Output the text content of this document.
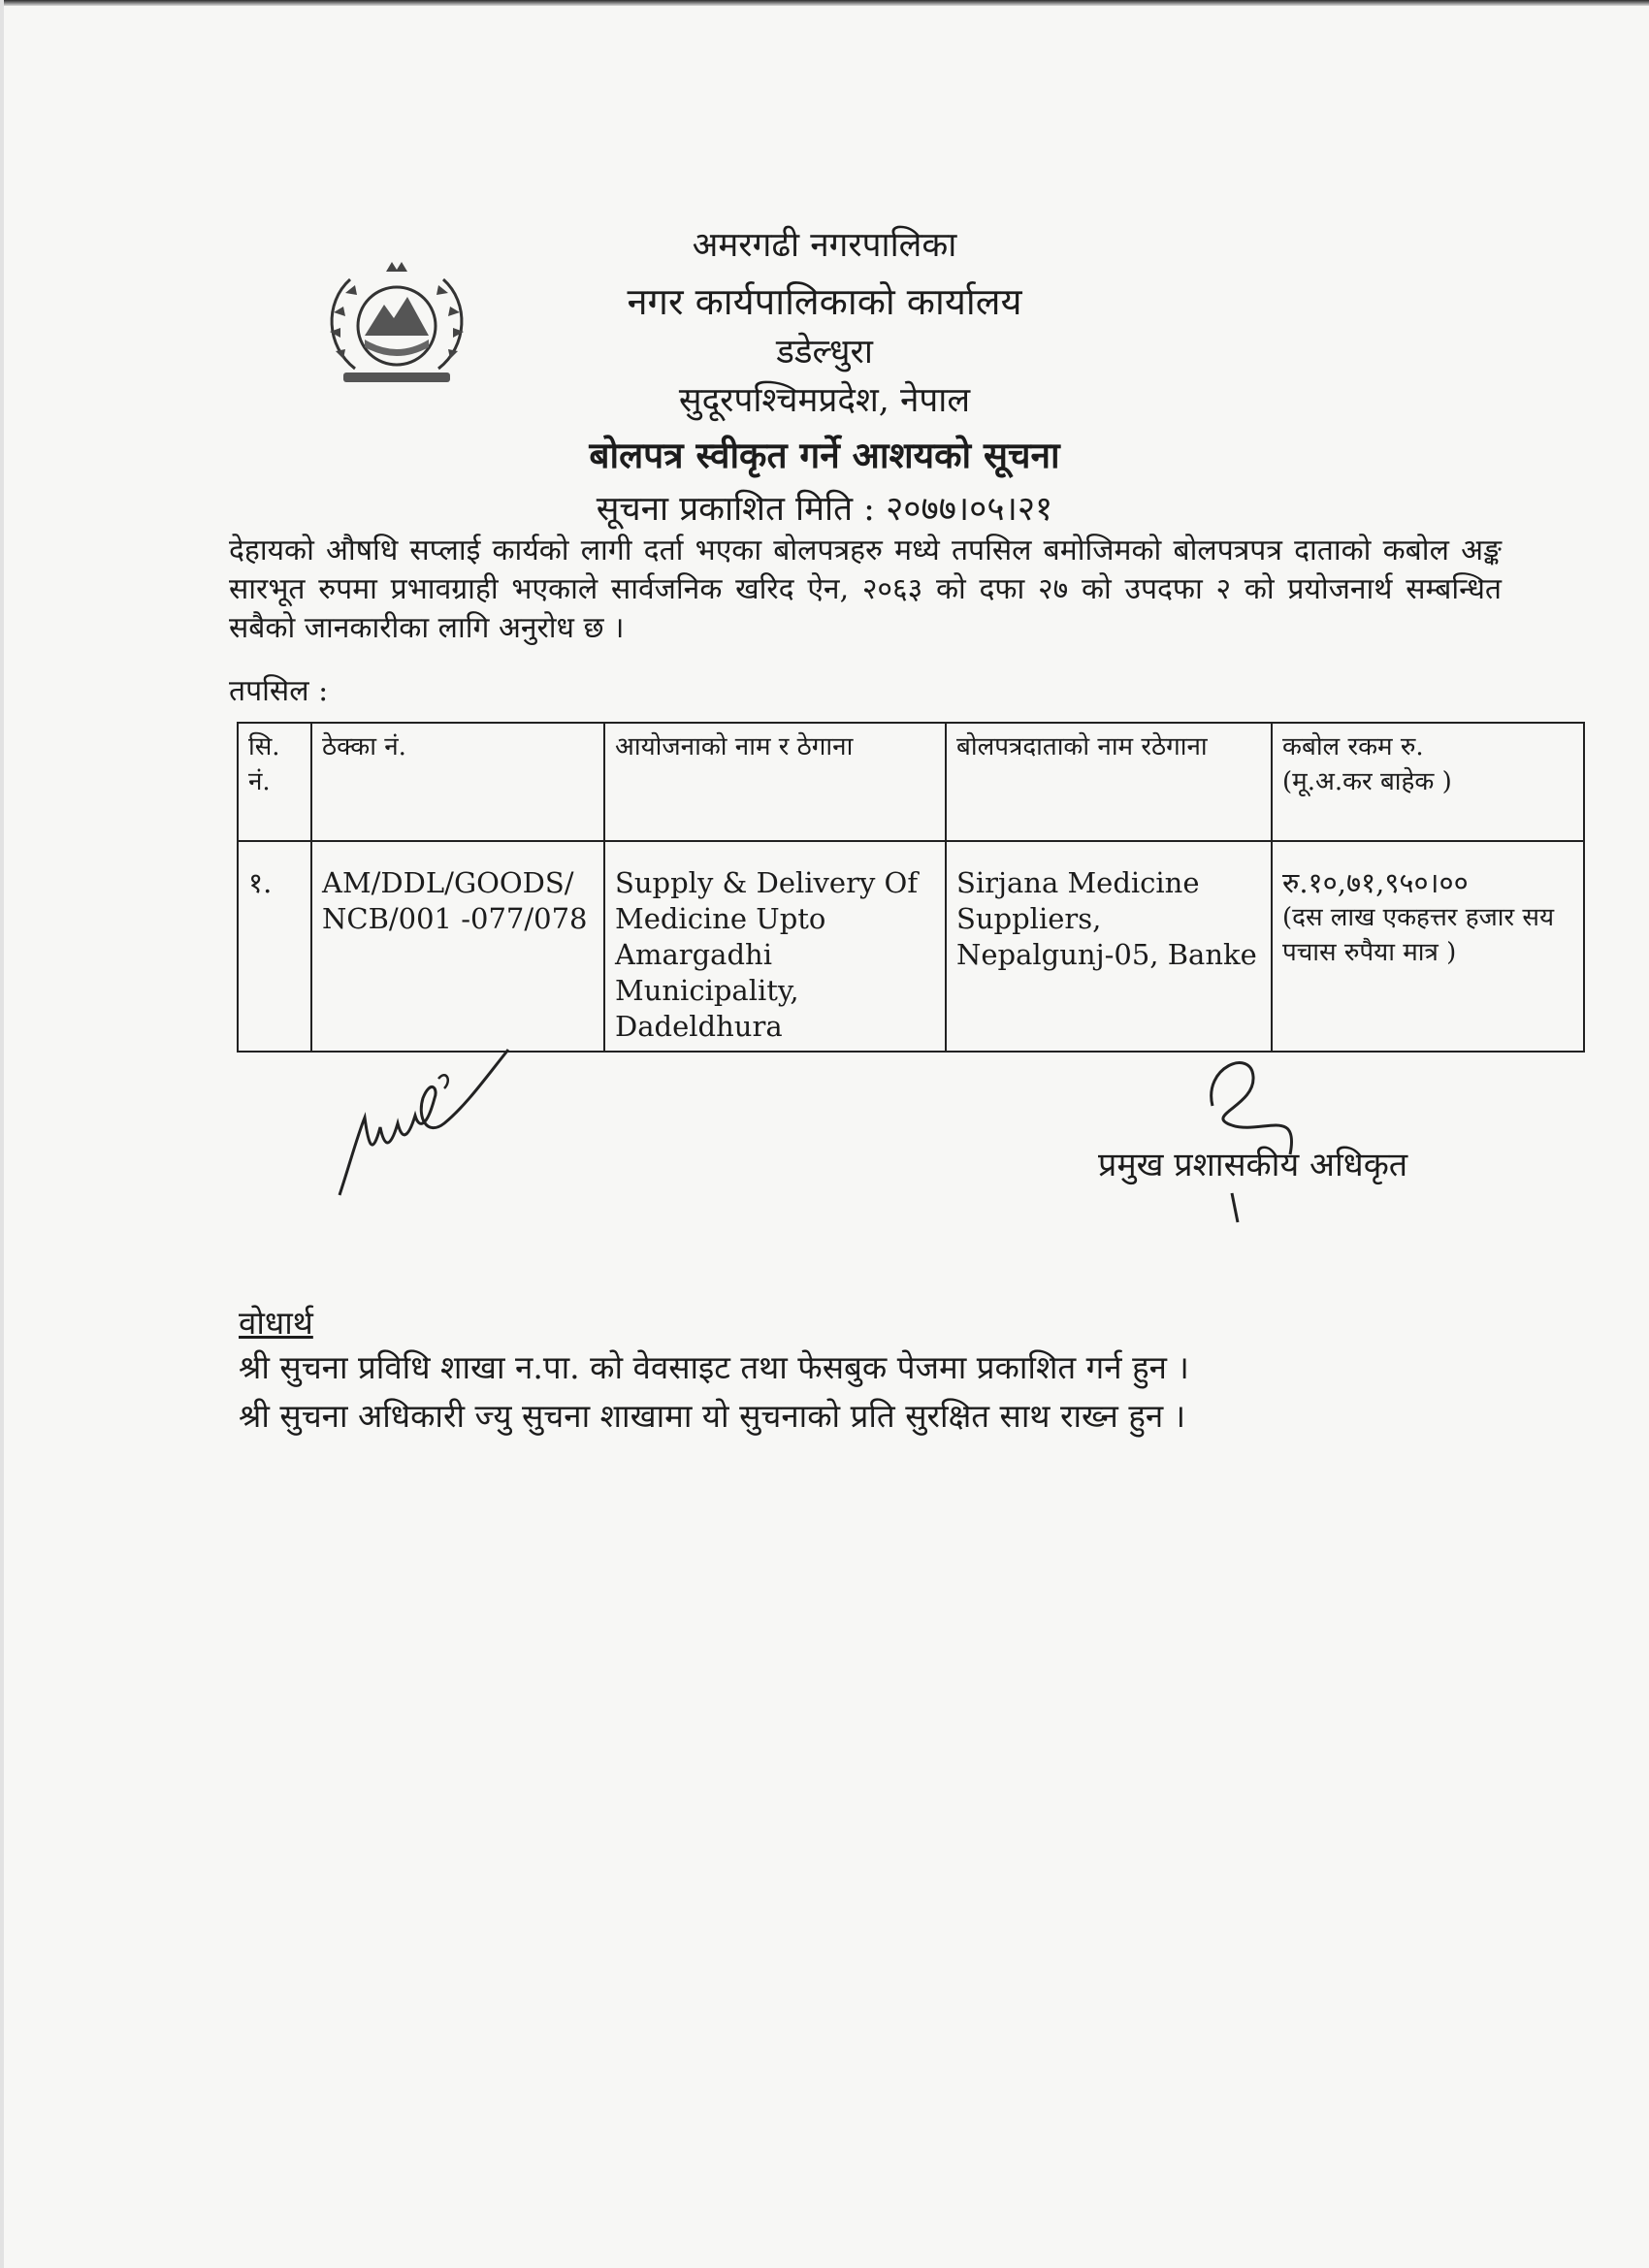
अमरगढी नगरपालिका
नगर कार्यपालिकाको कार्यालय
डडेल्धुरा
सुदूरपश्चिमप्रदेश, नेपाल
बोलपत्र स्वीकृत गर्ने आशयको सूचना
सूचना प्रकाशित मिति : २०७७।०५।२१
देहायको औषधि सप्लाई कार्यको लागी दर्ता भएका बोलपत्रहरु मध्ये तपसिल बमोजिमको बोलपत्रपत्र दाताको कबोल अङ्क सारभूत रुपमा प्रभावग्राही भएकाले सार्वजनिक खरिद ऐन, २०६३ को दफा २७ को उपदफा २ को प्रयोजनार्थ सम्बन्धित सबैको जानकारीका लागि अनुरोध छ ।
तपसिल :
सि. नं.	ठेक्का नं.	आयोजनाको नाम र ठेगाना	बोलपत्रदाताको नाम रठेगाना	कबोल रकम रु.
(मू.अ.कर बाहेक )
१.	AM/DDL/GOODS/ NCB/001 -077/078	Supply & Delivery Of Medicine Upto Amargadhi Municipality, Dadeldhura	Sirjana Medicine Suppliers, Nepalgunj-05, Banke	रु.१०,७१,९५०।००
(दस लाख एकहत्तर हजार सय पचास रुपैया मात्र )
प्रमुख प्रशासकीय अधिकृत
वोधार्थ
श्री सुचना प्रविधि शाखा न.पा. को वेवसाइट तथा फेसबुक पेजमा प्रकाशित गर्न हुन ।
श्री सुचना अधिकारी ज्यु सुचना शाखामा यो सुचनाको प्रति सुरक्षित साथ राख्न हुन ।
